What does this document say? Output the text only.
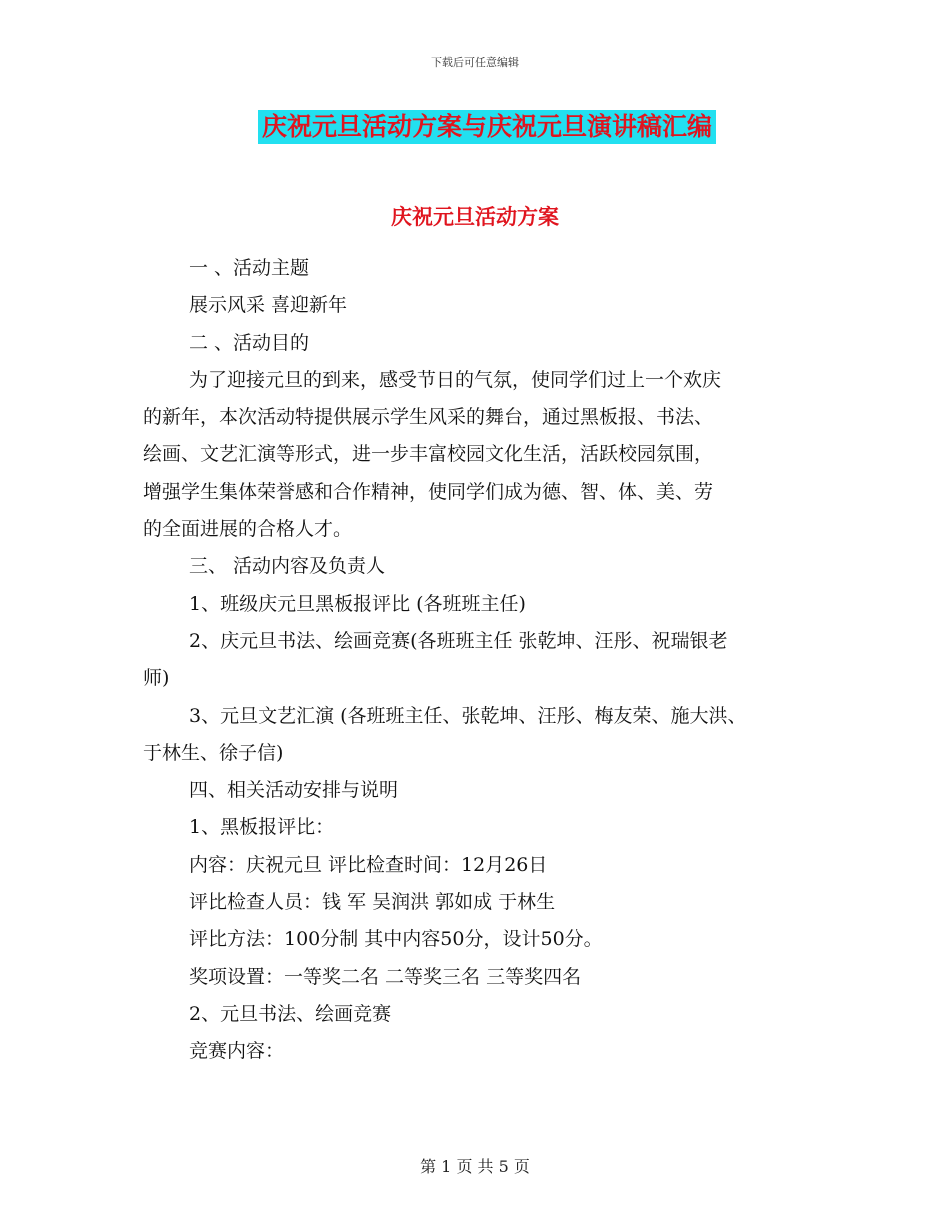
下载后可任意编辑
庆祝元旦活动方案与庆祝元旦演讲稿汇编
庆祝元旦活动方案
一 、活动主题
展示风采 喜迎新年
二 、活动目的
为了迎接元旦的到来，感受节日的气氛，使同学们过上一个欢庆
的新年，本次活动特提供展示学生风采的舞台，通过黑板报、书法、
绘画、文艺汇演等形式，进一步丰富校园文化生活，活跃校园氛围，
增强学生集体荣誉感和合作精神，使同学们成为德、智、体、美、劳
的全面进展的合格人才。
三、 活动内容及负责人
1、班级庆元旦黑板报评比 (各班班主任)
2、庆元旦书法、绘画竞赛(各班班主任 张乾坤、汪彤、祝瑞银老
师)
3、元旦文艺汇演 (各班班主任、张乾坤、汪彤、梅友荣、施大洪、
于林生、徐子信)
四、相关活动安排与说明
1、黑板报评比：
内容：庆祝元旦 评比检查时间：12月26日
评比检查人员：钱 军 吴润洪 郭如成 于林生
评比方法：100分制 其中内容50分，设计50分。
奖项设置：一等奖二名 二等奖三名 三等奖四名
2、元旦书法、绘画竞赛
竞赛内容：
第 1 页 共 5 页
